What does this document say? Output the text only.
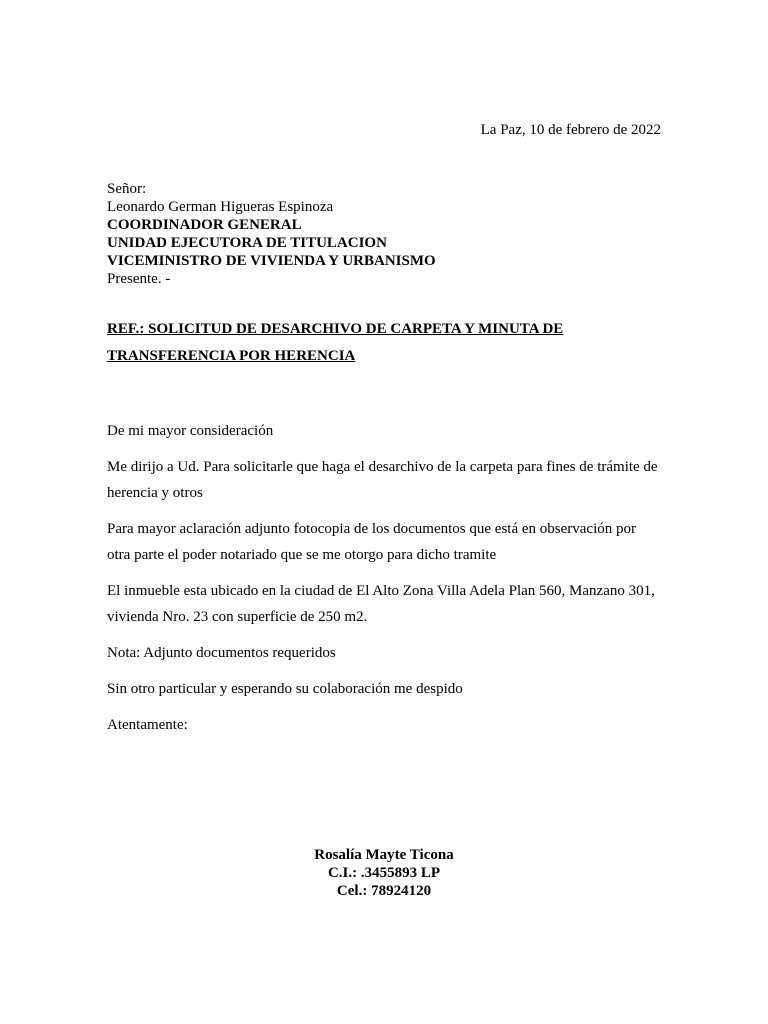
La Paz, 10 de febrero de 2022
Señor:
Leonardo German Higueras Espinoza
COORDINADOR GENERAL
UNIDAD EJECUTORA DE TITULACION
VICEMINISTRO DE VIVIENDA Y URBANISMO
Presente. -
REF.: SOLICITUD DE DESARCHIVO DE CARPETA Y MINUTA DE
TRANSFERENCIA POR HERENCIA
De mi mayor consideración
Me dirijo a Ud. Para solicitarle que haga el desarchivo de la carpeta para fines de trámite de
herencia y otros
Para mayor aclaración adjunto fotocopia de los documentos que está en observación por
otra parte el poder notariado que se me otorgo para dicho tramite
El inmueble esta ubicado en la ciudad de El Alto Zona Villa Adela Plan 560, Manzano 301,
vivienda Nro. 23 con superficie de 250 m2.
Nota: Adjunto documentos requeridos
Sin otro particular y esperando su colaboración me despido
Atentamente:
Rosalía Mayte Ticona
C.I.: .3455893 LP
Cel.: 78924120
